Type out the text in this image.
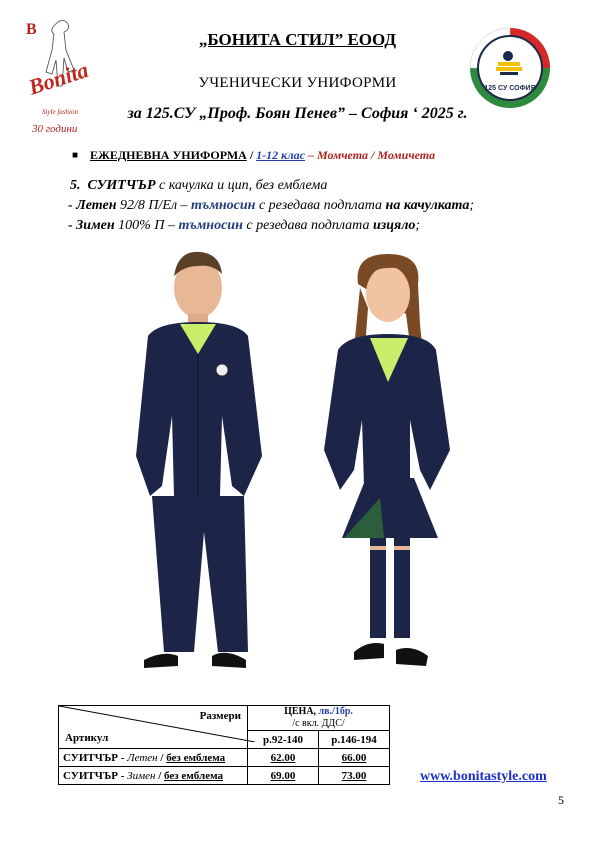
B
Bonita
Style fashion
30 години
125 СУ СОФИЯ
„БОНИТА СТИЛ” ЕООД
УЧЕНИЧЕСКИ УНИФОРМИ
за 125.СУ „Проф. Боян Пенев” – София ‘ 2025 г.
■ ЕЖЕДНЕВНА УНИФОРМА / 1-12 клас – Момчета / Момичета
5. СУИТЧЪР с качулка и цип, без емблема
- Летен 92/8 П/Ел – тъмносин с резедава подплата на качулката;
- Зимен 100% П – тъмносин с резедава подплата изцяло;
Размери
Артикул	ЦЕНА, лв./1бр.
/с вкл. ДДС/	
	р.92-140	р.146-194
СУИТЧЪР - Летен / без емблема	62.00	66.00
СУИТЧЪР - Зимен / без емблема	69.00	73.00	www.bonitastyle.com
5
